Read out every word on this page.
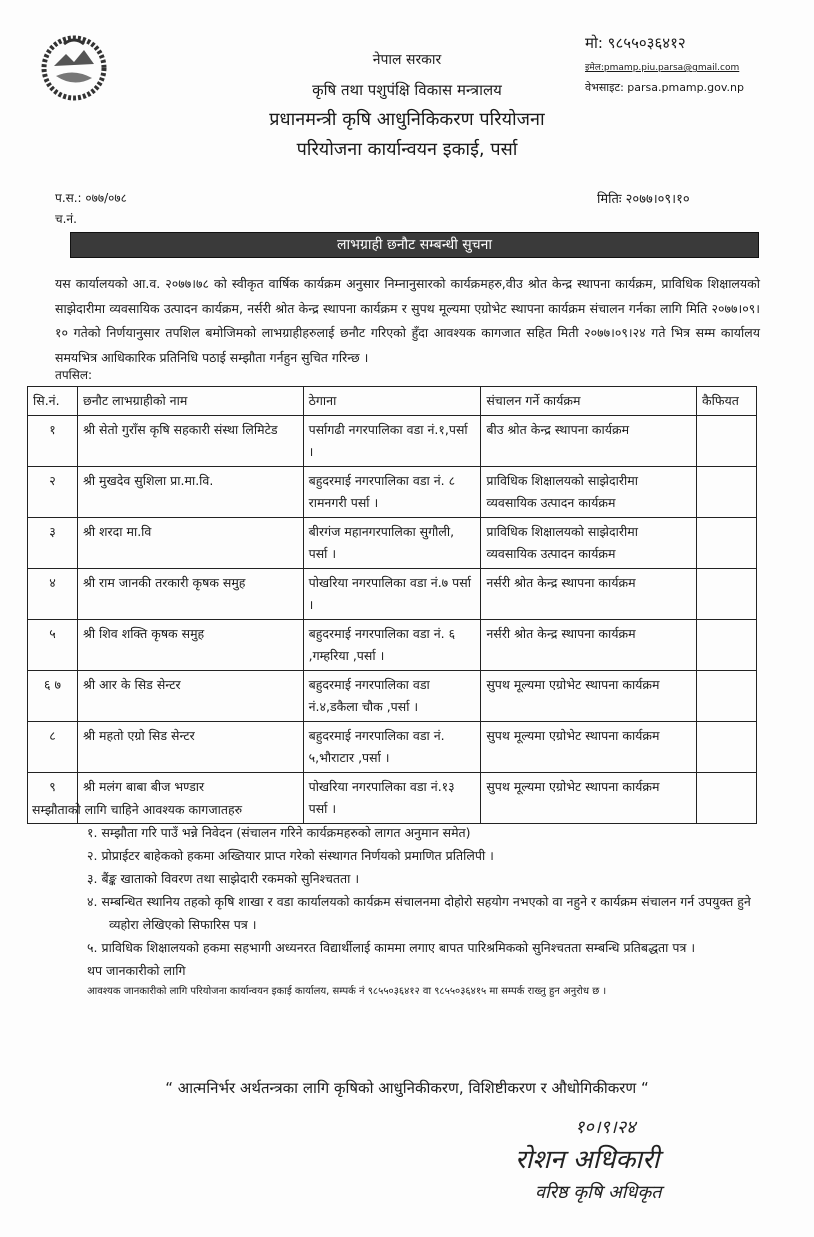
नेपाल सरकार
कृषि तथा पशुपंक्षि विकास मन्त्रालय
प्रधानमन्त्री कृषि आधुनिकिकरण परियोजना
परियोजना कार्यान्वयन इकाई, पर्सा
मो: ९८५५०३६४१२
इमेल:pmamp.piu.parsa@gmail.com
वेभसाइट: parsa.pmamp.gov.np
प.स.: ०७७/०७८
च.नं.
मितिः २०७७।०९।१०
लाभग्राही छनौट सम्बन्धी सुचना
यस कार्यालयको आ.व. २०७७।७८ को स्वीकृत वार्षिक कार्यक्रम अनुसार निम्नानुसारको कार्यक्रमहरु,वीउ श्रोत केन्द्र स्थापना कार्यक्रम, प्राविधिक शिक्षालयको साझेदारीमा व्यवसायिक उत्पादन कार्यक्रम, नर्सरी श्रोत केन्द्र स्थापना कार्यक्रम र सुपथ मूल्यमा एग्रोभेट स्थापना कार्यक्रम संचालन गर्नका लागि मिति २०७७।०९।१० गतेको निर्णयानुसार तपशिल बमोजिमको लाभग्राहीहरुलाई छनौट गरिएको हुँदा आवश्यक कागजात सहित मिती २०७७।०९।२४ गते भित्र सम्म कार्यालय समयभित्र आधिकारिक प्रतिनिधि पठाई सम्झौता गर्नहुन सुचित गरिन्छ ।
तपसिल:
सि.नं.	छनौट लाभग्राहीको नाम	ठेगाना	संचालन गर्ने कार्यक्रम	कैफियत
१	श्री सेतो गुराँस कृषि सहकारी संस्था लिमिटेड	पर्सागढी नगरपालिका वडा नं.१,पर्सा ।	बीउ श्रोत केन्द्र स्थापना कार्यक्रम	
२	श्री मुखदेव सुशिला प्रा.मा.वि.	बहुदरमाई नगरपालिका वडा नं. ८ रामनगरी पर्सा ।	प्राविधिक शिक्षालयको साझेदारीमा व्यवसायिक उत्पादन कार्यक्रम	
३	श्री शरदा मा.वि	बीरगंज महानगरपालिका सुगौली, पर्सा ।	प्राविधिक शिक्षालयको साझेदारीमा व्यवसायिक उत्पादन कार्यक्रम	
४	श्री राम जानकी तरकारी कृषक समुह	पोखरिया नगरपालिका वडा नं.७ पर्सा ।	नर्सरी श्रोत केन्द्र स्थापना कार्यक्रम	
५	श्री शिव शक्ति कृषक समुह	बहुदरमाई नगरपालिका वडा नं. ६ ,गम्हरिया ,पर्सा ।	नर्सरी श्रोत केन्द्र स्थापना कार्यक्रम	
६ ७	श्री आर के सिड सेन्टर	बहुदरमाई नगरपालिका वडा नं.४,डकैला चौक ,पर्सा ।	सुपथ मूल्यमा एग्रोभेट स्थापना कार्यक्रम	
८	श्री महतो एग्रो सिड सेन्टर	बहुदरमाई नगरपालिका वडा नं. ५,भौराटार ,पर्सा ।	सुपथ मूल्यमा एग्रोभेट स्थापना कार्यक्रम	
९	श्री मलंग बाबा बीज भण्डार	पोखरिया नगरपालिका वडा नं.१३ पर्सा ।	सुपथ मूल्यमा एग्रोभेट स्थापना कार्यक्रम	
सम्झौताको लागि चाहिने आवश्यक कागजातहरु
१. सम्झौता गरि पाउँ भन्ने निवेदन (संचालन गरिने कार्यक्रमहरुको लागत अनुमान समेत)
२. प्रोप्राईटर बाहेकको हकमा अख्तियार प्राप्त गरेको संस्थागत निर्णयको प्रमाणित प्रतिलिपी ।
३. बैंङ्क खाताको विवरण तथा साझेदारी रकमको सुनिश्चतता ।
४. सम्बन्धित स्थानिय तहको कृषि शाखा र वडा कार्यालयको कार्यक्रम संचालनमा दोहोरो सहयोग नभएको वा नहुने र कार्यक्रम संचालन गर्न उपयुक्त हुने व्यहोरा लेखिएको सिफारिस पत्र ।
५. प्राविधिक शिक्षालयको हकमा सहभागी अध्यनरत विद्यार्थीलाई काममा लगाए बापत पारिश्रमिकको सुनिश्चतता सम्बन्धि प्रतिबद्धता पत्र ।
थप जानकारीको लागि
आवश्यक जानकारीको लागि परियोजना कार्यान्वयन इकाई कार्यालय, सम्पर्क नं ९८५५०३६४१२ वा ९८५५०३६४१५ मा सम्पर्क राख्नु हुन अनुरोध छ ।
“ आत्मनिर्भर अर्थतन्त्रका लागि कृषिको आधुनिकीकरण, विशिष्टीकरण र औधोगिकीकरण “
१०।९।२४
रोशन अधिकारी
वरिष्ठ कृषि अधिकृत
